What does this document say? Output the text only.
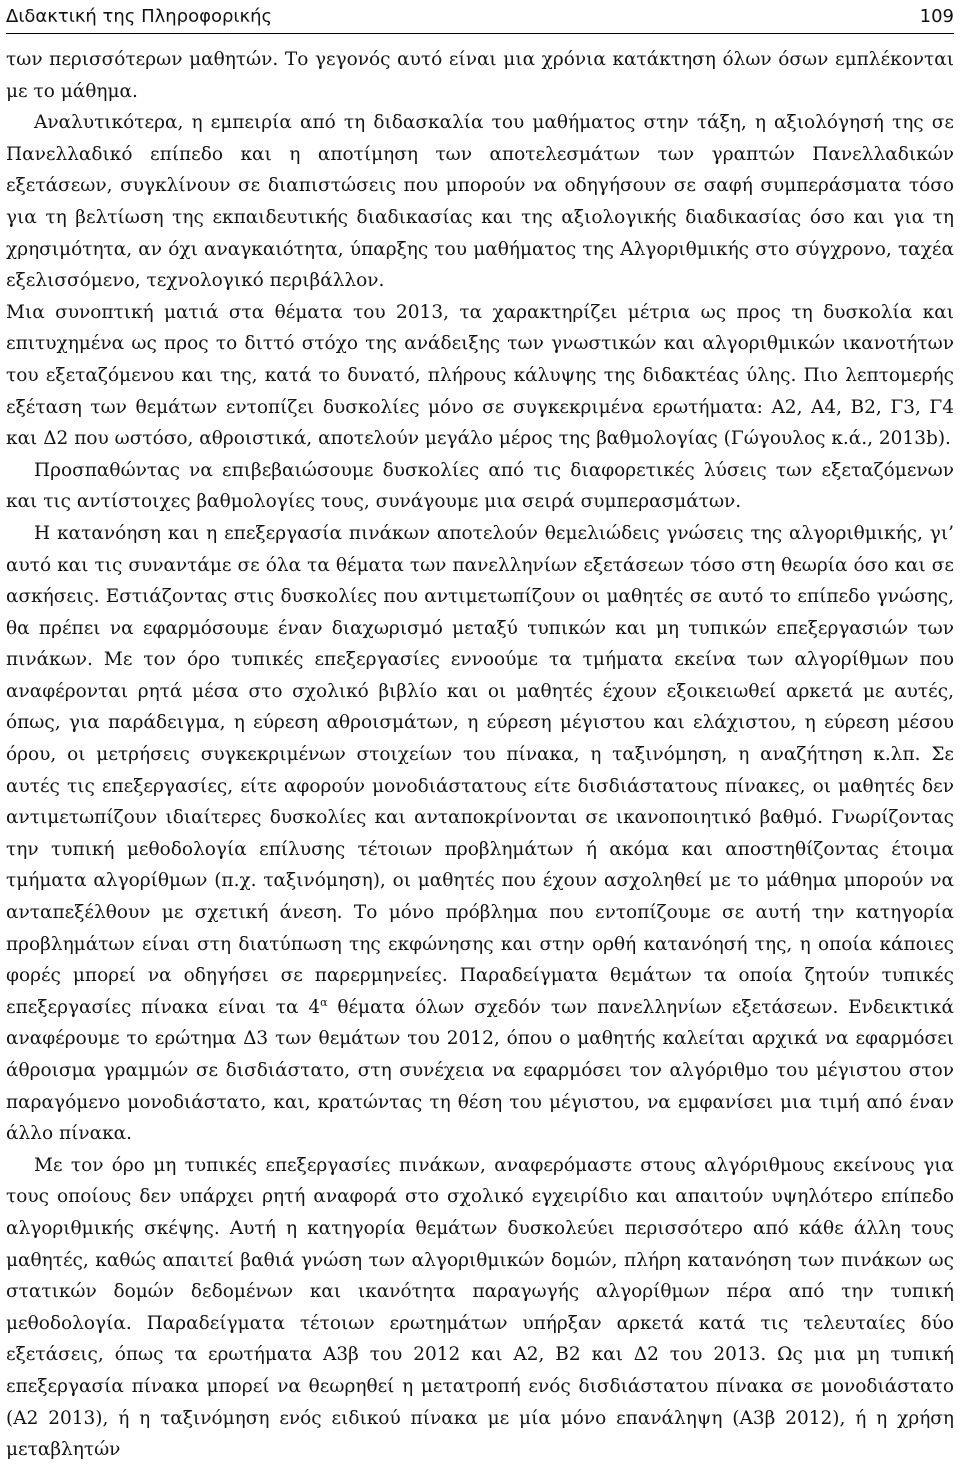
Διδακτική της Πληροφορικής	109

των περισσότερων μαθητών. Το γεγονός αυτό είναι μια χρόνια κατάκτηση όλων όσων εμπλέκονται με το μάθημα.

Αναλυτικότερα, η εμπειρία από τη διδασκαλία του μαθήματος στην τάξη, η αξιολόγησή της σε Πανελλαδικό επίπεδο και η αποτίμηση των αποτελεσμάτων των γραπτών Πανελλαδικών εξετάσεων, συγκλίνουν σε διαπιστώσεις που μπορούν να οδηγήσουν σε σαφή συμπεράσματα τόσο για τη βελτίωση της εκπαιδευτικής διαδικασίας και της αξιολογικής διαδικασίας όσο και για τη χρησιμότητα, αν όχι αναγκαιότητα, ύπαρξης του μαθήματος της Αλγοριθμικής στο σύγχρονο, ταχέα εξελισσόμενο, τεχνολογικό περιβάλλον.

Μια συνοπτική ματιά στα θέματα του 2013, τα χαρακτηρίζει μέτρια ως προς τη δυσκολία και επιτυχημένα ως προς το διττό στόχο της ανάδειξης των γνωστικών και αλγοριθμικών ικανοτήτων του εξεταζόμενου και της, κατά το δυνατό, πλήρους κάλυψης της διδακτέας ύλης. Πιο λεπτομερής εξέταση των θεμάτων εντοπίζει δυσκολίες μόνο σε συγκεκριμένα ερωτήματα: Α2, Α4, Β2, Γ3, Γ4 και Δ2 που ωστόσο, αθροιστικά, αποτελούν μεγάλο μέρος της βαθμολογίας (Γώγουλος κ.ά., 2013b).

Προσπαθώντας να επιβεβαιώσουμε δυσκολίες από τις διαφορετικές λύσεις των εξεταζόμενων και τις αντίστοιχες βαθμολογίες τους, συνάγουμε μια σειρά συμπερασμάτων.

Η κατανόηση και η επεξεργασία πινάκων αποτελούν θεμελιώδεις γνώσεις της αλγοριθμικής, γι’ αυτό και τις συναντάμε σε όλα τα θέματα των πανελληνίων εξετάσεων τόσο στη θεωρία όσο και σε ασκήσεις. Εστιάζοντας στις δυσκολίες που αντιμετωπίζουν οι μαθητές σε αυτό το επίπεδο γνώσης, θα πρέπει να εφαρμόσουμε έναν διαχωρισμό μεταξύ τυπικών και μη τυπικών επεξεργασιών των πινάκων. Με τον όρο τυπικές επεξεργασίες εννοούμε τα τμήματα εκείνα των αλγορίθμων που αναφέρονται ρητά μέσα στο σχολικό βιβλίο και οι μαθητές έχουν εξοικειωθεί αρκετά με αυτές, όπως, για παράδειγμα, η εύρεση αθροισμάτων, η εύρεση μέγιστου και ελάχιστου, η εύρεση μέσου όρου, οι μετρήσεις συγκεκριμένων στοιχείων του πίνακα, η ταξινόμηση, η αναζήτηση κ.λπ. Σε αυτές τις επεξεργασίες, είτε αφορούν μονοδιάστατους είτε δισδιάστατους πίνακες, οι μαθητές δεν αντιμετωπίζουν ιδιαίτερες δυσκολίες και ανταποκρίνονται σε ικανοποιητικό βαθμό. Γνωρίζοντας την τυπική μεθοδολογία επίλυσης τέτοιων προβλημάτων ή ακόμα και αποστηθίζοντας έτοιμα τμήματα αλγορίθμων (π.χ. ταξινόμηση), οι μαθητές που έχουν ασχοληθεί με το μάθημα μπορούν να ανταπεξέλθουν με σχετική άνεση. Το μόνο πρόβλημα που εντοπίζουμε σε αυτή την κατηγορία προβλημάτων είναι στη διατύπωση της εκφώνησης και στην ορθή κατανόησή της, η οποία κάποιες φορές μπορεί να οδηγήσει σε παρερμηνείες. Παραδείγματα θεμάτων τα οποία ζητούν τυπικές επεξεργασίες πίνακα είναι τα $4^\alpha$ θέματα όλων σχεδόν των πανελληνίων εξετάσεων. Ενδεικτικά αναφέρουμε το ερώτημα Δ3 των θεμάτων του 2012, όπου ο μαθητής καλείται αρχικά να εφαρμόσει άθροισμα γραμμών σε δισδιάστατο, στη συνέχεια να εφαρμόσει τον αλγόριθμο του μέγιστου στον παραγόμενο μονοδιάστατο, και, κρατώντας τη θέση του μέγιστου, να εμφανίσει μια τιμή από έναν άλλο πίνακα.

Με τον όρο μη τυπικές επεξεργασίες πινάκων, αναφερόμαστε στους αλγόριθμους εκείνους για τους οποίους δεν υπάρχει ρητή αναφορά στο σχολικό εγχειρίδιο και απαιτούν υψηλότερο επίπεδο αλγοριθμικής σκέψης. Αυτή η κατηγορία θεμάτων δυσκολεύει περισσότερο από κάθε άλλη τους μαθητές, καθώς απαιτεί βαθιά γνώση των αλγοριθμικών δομών, πλήρη κατανόηση των πινάκων ως στατικών δομών δεδομένων και ικανότητα παραγωγής αλγορίθμων πέρα από την τυπική μεθοδολογία. Παραδείγματα τέτοιων ερωτημάτων υπήρξαν αρκετά κατά τις τελευταίες δύο εξετάσεις, όπως τα ερωτήματα Α3β του 2012 και Α2, Β2 και Δ2 του 2013. Ως μια μη τυπική επεξεργασία πίνακα μπορεί να θεωρηθεί η μετατροπή ενός δισδιάστατου πίνακα σε μονοδιάστατο (Α2 2013), ή η ταξινόμηση ενός ειδικού πίνακα με μία μόνο επανάληψη (Α3β 2012), ή η χρήση μεταβλητών
